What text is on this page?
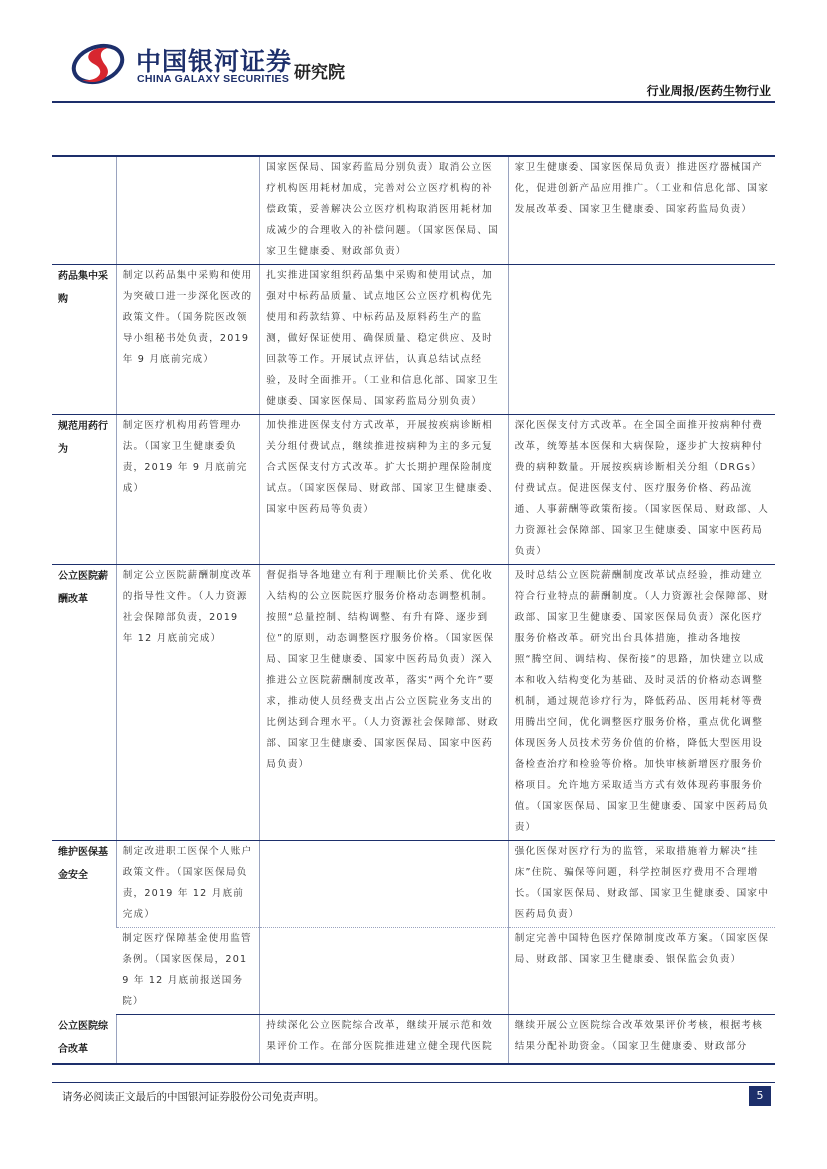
中国银河证券
CHINA GALAXY SECURITIES 研究院
行业周报/医药生物行业

		国家医保局、国家药监局分别负责）取消公立医疗机构医用耗材加成，完善对公立医疗机构的补偿政策，妥善解决公立医疗机构取消医用耗材加成减少的合理收入的补偿问题。（国家医保局、国家卫生健康委、财政部负责）	家卫生健康委、国家医保局负责）推进医疗器械国产化，促进创新产品应用推广。（工业和信息化部、国家发展改革委、国家卫生健康委、国家药监局负责）

药品集中采购	制定以药品集中采购和使用为突破口进一步深化医改的政策文件。（国务院医改领导小组秘书处负责，2019 年 9 月底前完成）	扎实推进国家组织药品集中采购和使用试点，加强对中标药品质量、试点地区公立医疗机构优先使用和药款结算、中标药品及原料药生产的监测，做好保证使用、确保质量、稳定供应、及时回款等工作。开展试点评估，认真总结试点经验，及时全面推开。（工业和信息化部、国家卫生健康委、国家医保局、国家药监局分别负责）	

规范用药行为	制定医疗机构用药管理办法。（国家卫生健康委负责，2019 年 9 月底前完成）	加快推进医保支付方式改革，开展按疾病诊断相关分组付费试点，继续推进按病种为主的多元复合式医保支付方式改革。扩大长期护理保险制度试点。（国家医保局、财政部、国家卫生健康委、国家中医药局等负责）	深化医保支付方式改革。在全国全面推开按病种付费改革，统筹基本医保和大病保险，逐步扩大按病种付费的病种数量。开展按疾病诊断相关分组（DRGs）付费试点。促进医保支付、医疗服务价格、药品流通、人事薪酬等政策衔接。（国家医保局、财政部、人力资源社会保障部、国家卫生健康委、国家中医药局负责）

公立医院薪酬改革	制定公立医院薪酬制度改革的指导性文件。（人力资源社会保障部负责，2019 年 12 月底前完成）	督促指导各地建立有利于理顺比价关系、优化收入结构的公立医院医疗服务价格动态调整机制。按照“总量控制、结构调整、有升有降、逐步到位”的原则，动态调整医疗服务价格。（国家医保局、国家卫生健康委、国家中医药局负责）深入推进公立医院薪酬制度改革，落实“两个允许”要求，推动使人员经费支出占公立医院业务支出的比例达到合理水平。（人力资源社会保障部、财政部、国家卫生健康委、国家医保局、国家中医药局负责）	及时总结公立医院薪酬制度改革试点经验，推动建立符合行业特点的薪酬制度。（人力资源社会保障部、财政部、国家卫生健康委、国家医保局负责）深化医疗服务价格改革。研究出台具体措施，推动各地按照“腾空间、调结构、保衔接”的思路，加快建立以成本和收入结构变化为基础、及时灵活的价格动态调整机制，通过规范诊疗行为，降低药品、医用耗材等费用腾出空间，优化调整医疗服务价格，重点优化调整体现医务人员技术劳务价值的价格，降低大型医用设备检查治疗和检验等价格。加快审核新增医疗服务价格项目。允许地方采取适当方式有效体现药事服务价值。（国家医保局、国家卫生健康委、国家中医药局负责）

维护医保基金安全	制定改进职工医保个人账户政策文件。（国家医保局负责，2019 年 12 月底前完成）		强化医保对医疗行为的监管，采取措施着力解决“挂床”住院、骗保等问题，科学控制医疗费用不合理增长。（国家医保局、财政部、国家卫生健康委、国家中医药局负责）

	制定医疗保障基金使用监管条例。（国家医保局，2019 年 12 月底前报送国务院）		制定完善中国特色医疗保障制度改革方案。（国家医保局、财政部、国家卫生健康委、银保监会负责）

公立医院综合改革		持续深化公立医院综合改革，继续开展示范和效果评价工作。在部分医院推进建立健全现代医院	继续开展公立医院综合改革效果评价考核，根据考核结果分配补助资金。（国家卫生健康委、财政部分
请务必阅读正文最后的中国银河证券股份公司免责声明。	5
